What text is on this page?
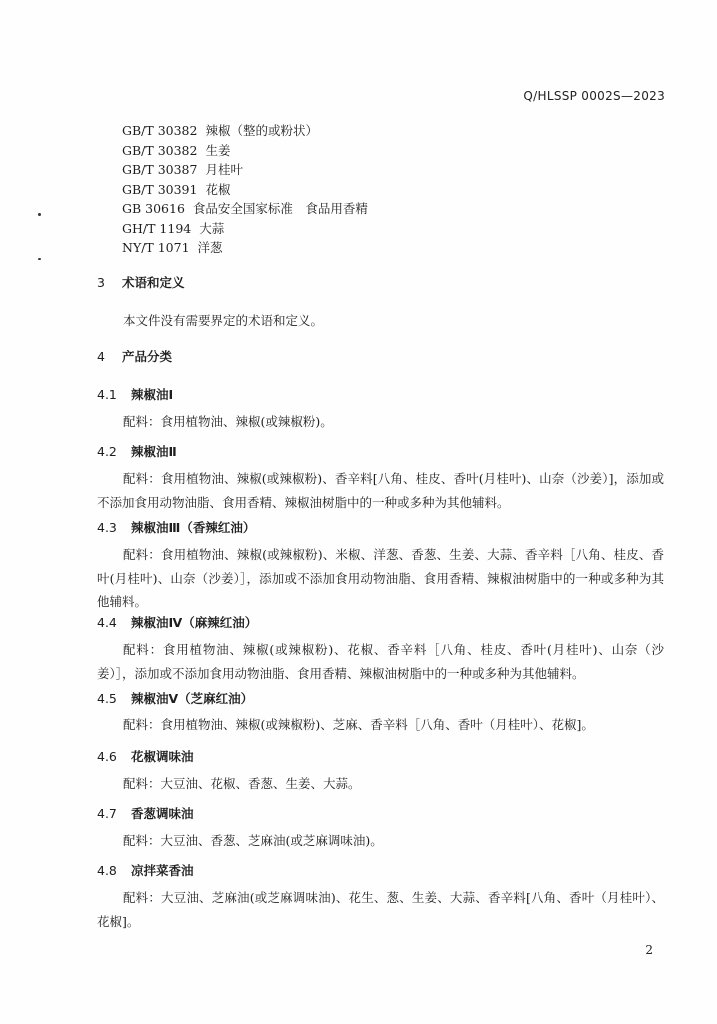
Q/HLSSP 0002S—2023
GB/T 30382 辣椒（整的或粉状）
GB/T 30382 生姜
GB/T 30387 月桂叶
GB/T 30391 花椒
GB 30616 食品安全国家标准　食品用香精
GH/T 1194 大蒜
NY/T 1071 洋葱
3 术语和定义
本文件没有需要界定的术语和定义。
4 产品分类
4.1 辣椒油Ⅰ
配料：食用植物油、辣椒(或辣椒粉)。
4.2 辣椒油Ⅱ
配料：食用植物油、辣椒(或辣椒粉)、香辛料[八角、桂皮、香叶(月桂叶)、山奈（沙姜）]，添加或不添加食用动物油脂、食用香精、辣椒油树脂中的一种或多种为其他辅料。
4.3 辣椒油Ⅲ（香辣红油）
配料：食用植物油、辣椒(或辣椒粉)、米椒、洋葱、香葱、生姜、大蒜、香辛料［八角、桂皮、香叶(月桂叶)、山奈（沙姜）］，添加或不添加食用动物油脂、食用香精、辣椒油树脂中的一种或多种为其他辅料。
4.4 辣椒油Ⅳ（麻辣红油）
配料：食用植物油、辣椒(或辣椒粉)、花椒、香辛料［八角、桂皮、香叶(月桂叶)、山奈（沙姜）］，添加或不添加食用动物油脂、食用香精、辣椒油树脂中的一种或多种为其他辅料。
4.5 辣椒油Ⅴ（芝麻红油）
配料：食用植物油、辣椒(或辣椒粉)、芝麻、香辛料［八角、香叶（月桂叶）、花椒]。
4.6 花椒调味油
配料：大豆油、花椒、香葱、生姜、大蒜。
4.7 香葱调味油
配料：大豆油、香葱、芝麻油(或芝麻调味油)。
4.8 凉拌菜香油
配料：大豆油、芝麻油(或芝麻调味油)、花生、葱、生姜、大蒜、香辛料[八角、香叶（月桂叶）、花椒]。
2
